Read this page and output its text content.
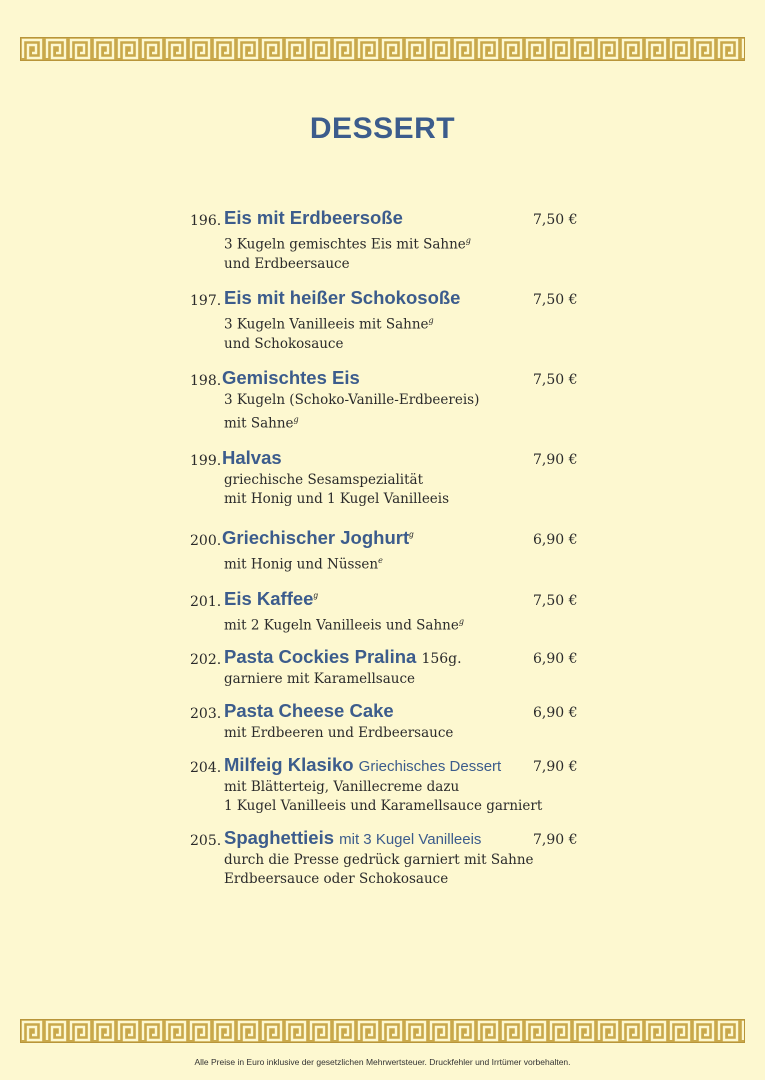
DESSERT
196. Eis mit Erdbeersoße	7,50 €
3 Kugeln gemischtes Eis mit Sahne$^g$
und Erdbeersauce
197. Eis mit heißer Schokosoße	7,50 €
3 Kugeln Vanilleeis mit Sahne$^g$
und Schokosauce
198. Gemischtes Eis	7,50 €
3 Kugeln (Schoko-Vanille-Erdbeereis)
mit Sahne$^g$
199. Halvas	7,90 €
griechische Sesamspezialität
mit Honig und 1 Kugel Vanilleeis
200. Griechischer Joghurt$^g$	6,90 €
mit Honig und Nüssen$^e$
201. Eis Kaffee$^g$	7,50 €
mit 2 Kugeln Vanilleeis und Sahne$^g$
202. Pasta Cockies Pralina 156g.	6,90 €
garniere mit Karamellsauce
203. Pasta Cheese Cake	6,90 €
mit Erdbeeren und Erdbeersauce
204. Milfeig Klasiko Griechisches Dessert 7,90 €
mit Blätterteig, Vanillecreme dazu
1 Kugel Vanilleeis und Karamellsauce garniert
205. Spaghettieis mit 3 Kugel Vanilleeis	7,90 €
durch die Presse gedrück garniert mit Sahne
Erdbeersauce oder Schokosauce
Alle Preise in Euro inklusive der gesetzlichen Mehrwertsteuer. Druckfehler und Irrtümer vorbehalten.
